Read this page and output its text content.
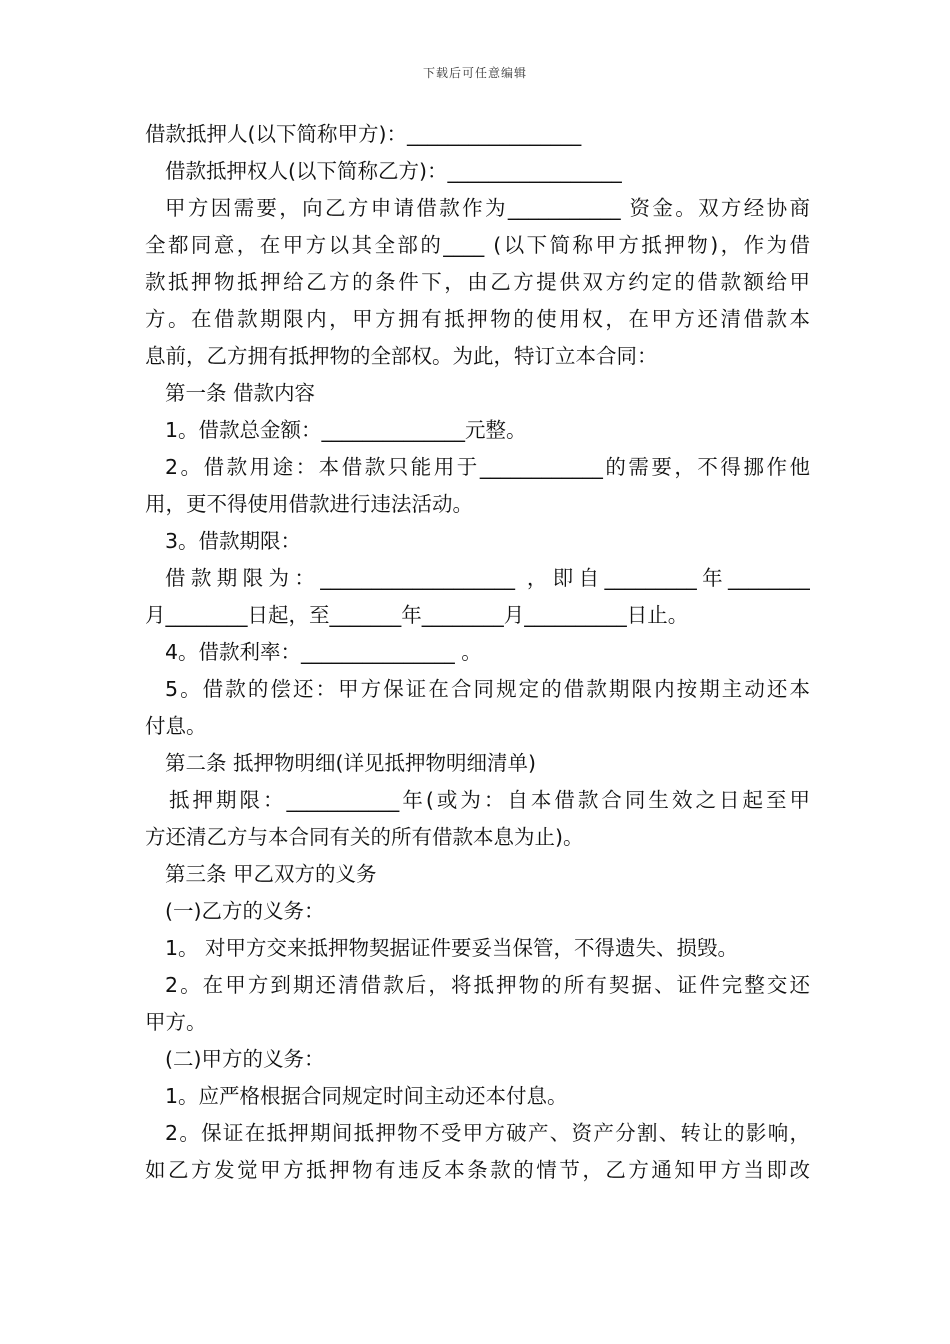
下载后可任意编辑
借款抵押人(以下简称甲方)：_________________
借款抵押权人(以下简称乙方)：_________________
甲方因需要，向乙方申请借款作为___________ 资金。双方经协商
全都同意，在甲方以其全部的____ (以下简称甲方抵押物)，作为借
款抵押物抵押给乙方的条件下，由乙方提供双方约定的借款额给甲
方。在借款期限内，甲方拥有抵押物的使用权，在甲方还清借款本
息前，乙方拥有抵押物的全部权。为此，特订立本合同：
第一条 借款内容
1。借款总金额：______________元整。
2。借款用途：本借款只能用于____________的需要，不得挪作他
用，更不得使用借款进行违法活动。
3。借款期限：
借款期限为：___________________ ，即自_________年________
月________日起，至_______年________月__________日止。
4。借款利率：_______________ 。
5。借款的偿还：甲方保证在合同规定的借款期限内按期主动还本
付息。
第二条 抵押物明细(详见抵押物明细清单)
抵押期限：___________年(或为：自本借款合同生效之日起至甲
方还清乙方与本合同有关的所有借款本息为止)。
第三条 甲乙双方的义务
(一)乙方的义务：
1。 对甲方交来抵押物契据证件要妥当保管，不得遗失、损毁。
2。在甲方到期还清借款后，将抵押物的所有契据、证件完整交还
甲方。
(二)甲方的义务：
1。应严格根据合同规定时间主动还本付息。
2。保证在抵押期间抵押物不受甲方破产、资产分割、转让的影响，
如乙方发觉甲方抵押物有违反本条款的情节，乙方通知甲方当即改
